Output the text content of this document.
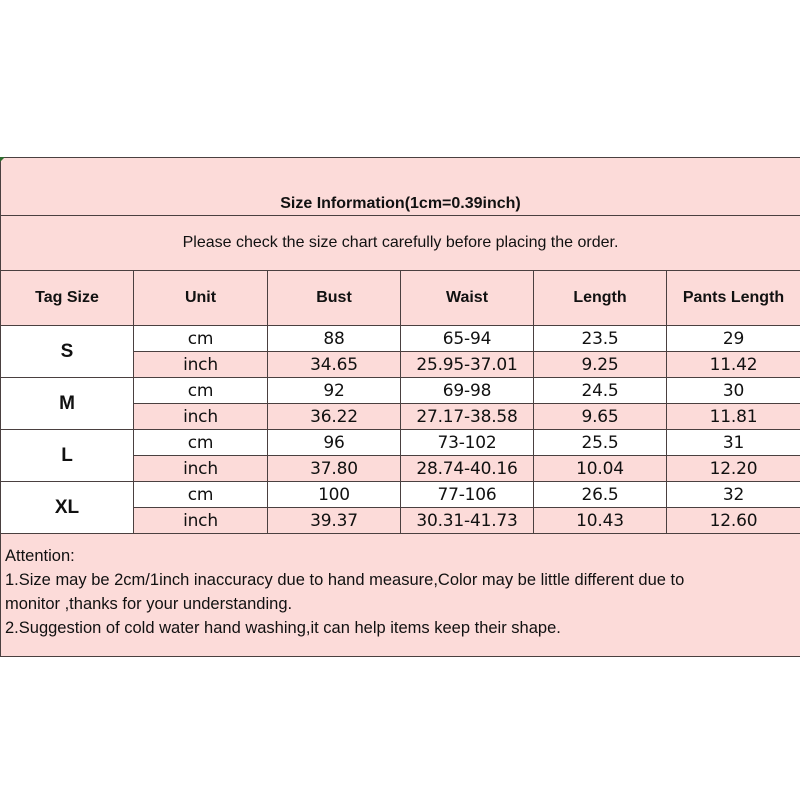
Size Information(1cm=0.39inch)					
Please check the size chart carefully before placing the order.					
Tag Size	Unit	Bust	Waist	Length	Pants Length
S	cm	88	65-94	23.5	29
	inch	34.65	25.95-37.01	9.25	11.42
M	cm	92	69-98	24.5	30
	inch	36.22	27.17-38.58	9.65	11.81
L	cm	96	73-102	25.5	31
	inch	37.80	28.74-40.16	10.04	12.20
XL	cm	100	77-106	26.5	32
	inch	39.37	30.31-41.73	10.43	12.60

Attention:
1.Size may be 2cm/1inch inaccuracy due to hand measure,Color may be little different due to
monitor ,thanks for your understanding.
2.Suggestion of cold water hand washing,it can help items keep their shape.					
